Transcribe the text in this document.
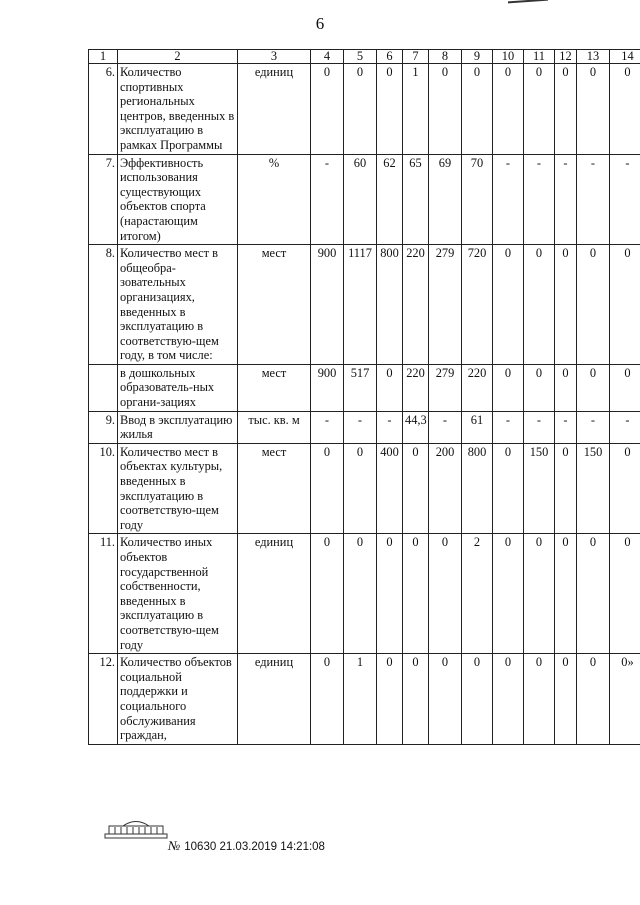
6
1	2	3	4	5	6	7	8	9	10	11	12	13	14
6.	Количество спортивных региональных центров, введенных в эксплуатацию в рамках Программы	единиц	0	0	0	1	0	0	0	0	0	0	0
7.	Эффективность использования существующих объектов спорта (нарастающим итогом)	%	-	60	62	65	69	70	-	-	-	-	-
8.	Количество мест в общеобра-зовательных организациях, введенных в эксплуатацию в соответствую-щем году, в том числе:	мест	900	1117	800	220	279	720	0	0	0	0	0
	в дошкольных образователь-ных органи-зациях	мест	900	517	0	220	279	220	0	0	0	0	0
9.	Ввод в эксплуатацию жилья	тыс. кв. м	-	-	-	44,3	-	61	-	-	-	-	-
10.	Количество мест в объектах культуры, введенных в эксплуатацию в соответствую-щем году	мест	0	0	400	0	200	800	0	150	0	150	0
11.	Количество иных объектов государственной собственности, введенных в эксплуатацию в соответствую-щем году	единиц	0	0	0	0	0	2	0	0	0	0	0
12.	Количество объектов социальной поддержки и социального обслуживания граждан,	единиц	0	1	0	0	0	0	0	0	0	0	0»
№ 10630 21.03.2019 14:21:08
